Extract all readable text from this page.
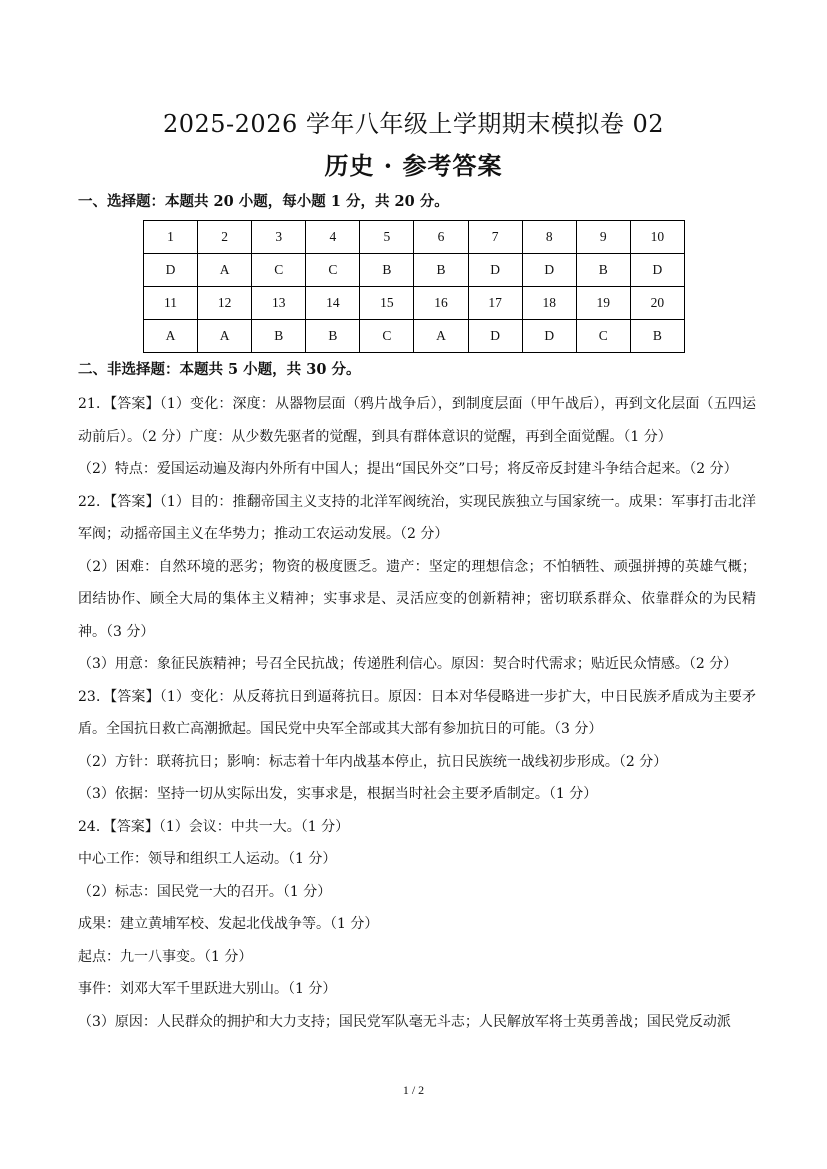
2025-2026 学年八年级上学期期末模拟卷 02
历史 · 参考答案
一、选择题：本题共 20 小题，每小题 1 分，共 20 分。
1	2	3	4	5	6	7	8	9	10
D	A	C	C	B	B	D	D	B	D
11	12	13	14	15	16	17	18	19	20
A	A	B	B	C	A	D	D	C	B
二、非选择题：本题共 5 小题，共 30 分。

21．【答案】（1）变化：深度：从器物层面（鸦片战争后），到制度层面（甲午战后），再到文化层面（五四运动前后）。（2 分）广度：从少数先驱者的觉醒，到具有群体意识的觉醒，再到全面觉醒。（1 分）

（2）特点：爱国运动遍及海内外所有中国人；提出“国民外交”口号；将反帝反封建斗争结合起来。（2 分）

22．【答案】（1）目的：推翻帝国主义支持的北洋军阀统治，实现民族独立与国家统一。成果：军事打击北洋军阀；动摇帝国主义在华势力；推动工农运动发展。（2 分）

（2）困难：自然环境的恶劣；物资的极度匮乏。遗产：坚定的理想信念；不怕牺牲、顽强拼搏的英雄气概；团结协作、顾全大局的集体主义精神；实事求是、灵活应变的创新精神；密切联系群众、依靠群众的为民精神。（3 分）

（3）用意：象征民族精神；号召全民抗战；传递胜利信心。原因：契合时代需求；贴近民众情感。（2 分）

23．【答案】（1）变化：从反蒋抗日到逼蒋抗日。原因：日本对华侵略进一步扩大，中日民族矛盾成为主要矛盾。全国抗日救亡高潮掀起。国民党中央军全部或其大部有参加抗日的可能。（3 分）

（2）方针：联蒋抗日；影响：标志着十年内战基本停止，抗日民族统一战线初步形成。（2 分）

（3）依据：坚持一切从实际出发，实事求是，根据当时社会主要矛盾制定。（1 分）

24．【答案】（1）会议：中共一大。（1 分）

中心工作：领导和组织工人运动。（1 分）

（2）标志：国民党一大的召开。（1 分）

成果：建立黄埔军校、发起北伐战争等。（1 分）

起点：九一八事变。（1 分）

事件：刘邓大军千里跃进大别山。（1 分）

（3）原因：人民群众的拥护和大力支持；国民党军队毫无斗志；人民解放军将士英勇善战；国民党反动派

1 / 2
